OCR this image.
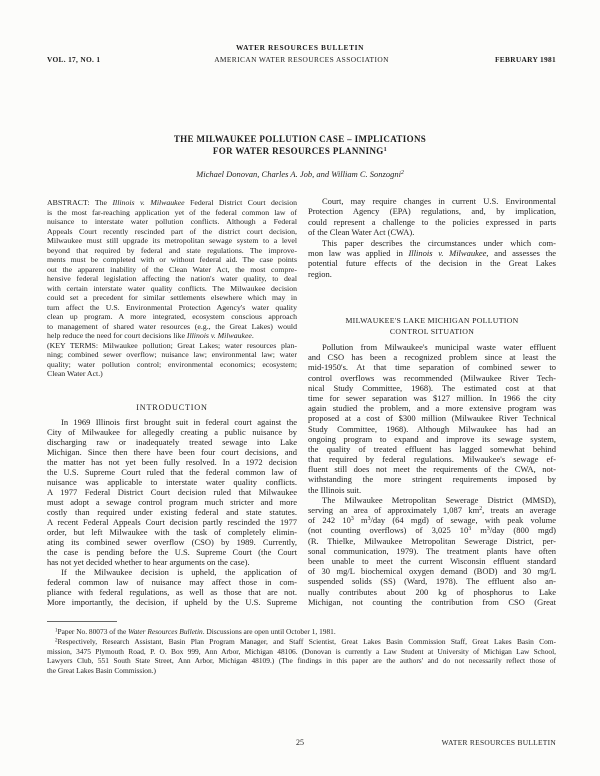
WATER RESOURCES BULLETIN
VOL. 17, NO. 1	AMERICAN WATER RESOURCES ASSOCIATION	FEBRUARY 1981
THE MILWAUKEE POLLUTION CASE – IMPLICATIONS
FOR WATER RESOURCES PLANNING$^1$
Michael Donovan, Charles A. Job, and William C. Sonzogni$^2$
ABSTRACT: The Illinois v. Milwaukee Federal District Court decision
is the most far-reaching application yet of the federal common law of
nuisance to interstate water pollution conflicts. Although a Federal
Appeals Court recently rescinded part of the district court decision,
Milwaukee must still upgrade its metropolitan sewage system to a level
beyond that required by federal and state regulations. The improve-
ments must be completed with or without federal aid. The case points
out the apparent inability of the Clean Water Act, the most compre-
hensive federal legislation affecting the nation's water quality, to deal
with certain interstate water quality conflicts. The Milwaukee decision
could set a precedent for similar settlements elsewhere which may in
turn affect the U.S. Environmental Protection Agency's water quality
clean up program. A more integrated, ecosystem conscious approach
to management of shared water resources (e.g., the Great Lakes) would
help reduce the need for court decisions like Illinois v. Milwaukee.
(KEY TERMS: Milwaukee pollution; Great Lakes; water resources plan-
ning; combined sewer overflow; nuisance law; environmental law; water
quality; water pollution control; environmental economics; ecosystem;
Clean Water Act.)
INTRODUCTION
In 1969 Illinois first brought suit in federal court against the
City of Milwaukee for allegedly creating a public nuisance by
discharging raw or inadequately treated sewage into Lake
Michigan. Since then there have been four court decisions, and
the matter has not yet been fully resolved. In a 1972 decision
the U.S. Supreme Court ruled that the federal common law of
nuisance was applicable to interstate water quality conflicts.
A 1977 Federal District Court decision ruled that Milwaukee
must adopt a sewage control program much stricter and more
costly than required under existing federal and state statutes.
A recent Federal Appeals Court decision partly rescinded the 1977
order, but left Milwaukee with the task of completely elimin-
ating its combined sewer overflow (CSO) by 1989. Currently,
the case is pending before the U.S. Supreme Court (the Court
has not yet decided whether to hear arguments on the case).
If the Milwaukee decision is upheld, the application of
federal common law of nuisance may affect those in com-
pliance with federal regulations, as well as those that are not.
More importantly, the decision, if upheld by the U.S. Supreme
Court, may require changes in current U.S. Environmental
Protection Agency (EPA) regulations, and, by implication,
could represent a challenge to the policies expressed in parts
of the Clean Water Act (CWA).
This paper describes the circumstances under which com-
mon law was applied in Illinois v. Milwaukee, and assesses the
potential future effects of the decision in the Great Lakes
region.
MILWAUKEE'S LAKE MICHIGAN POLLUTION
CONTROL SITUATION
Pollution from Milwaukee's municipal waste water effluent
and CSO has been a recognized problem since at least the
mid-1950's. At that time separation of combined sewer to
control overflows was recommended (Milwaukee River Tech-
nical Study Committee, 1968). The estimated cost at that
time for sewer separation was $127 million. In 1966 the city
again studied the problem, and a more extensive program was
proposed at a cost of $300 million (Milwaukee River Technical
Study Committee, 1968). Although Milwaukee has had an
ongoing program to expand and improve its sewage system,
the quality of treated effluent has lagged somewhat behind
that required by federal regulations. Milwaukee's sewage ef-
fluent still does not meet the requirements of the CWA, not-
withstanding the more stringent requirements imposed by
the Illinois suit.
The Milwaukee Metropolitan Sewerage District (MMSD),
serving an area of approximately 1,087 $km^2$, treats an average
of 242 $10^3$ $m^3$/day (64 mgd) of sewage, with peak volume
(not counting overflows) of 3,025 $10^3$ $m^3$/day (800 mgd)
(R. Thielke, Milwaukee Metropolitan Sewerage District, per-
sonal communication, 1979). The treatment plants have often
been unable to meet the current Wisconsin effluent standard
of 30 mg/L biochemical oxygen demand (BOD) and 30 mg/L
suspended solids (SS) (Ward, 1978). The effluent also an-
nually contributes about 200 kg of phosphorus to Lake
Michigan, not counting the contribution from CSO (Great
$^1$Paper No. 80073 of the Water Resources Bulletin. Discussions are open until October 1, 1981.
$^2$Respectively, Research Assistant, Basin Plan Program Manager, and Staff Scientist, Great Lakes Basin Commission Staff, Great Lakes Basin Com-
mission, 3475 Plymouth Road, P. O. Box 999, Ann Arbor, Michigan 48106. (Donovan is currently a Law Student at University of Michigan Law School,
Lawyers Club, 551 South State Street, Ann Arbor, Michigan 48109.) (The findings in this paper are the authors' and do not necessarily reflect those of
the Great Lakes Basin Commission.)
25	WATER RESOURCES BULLETIN
